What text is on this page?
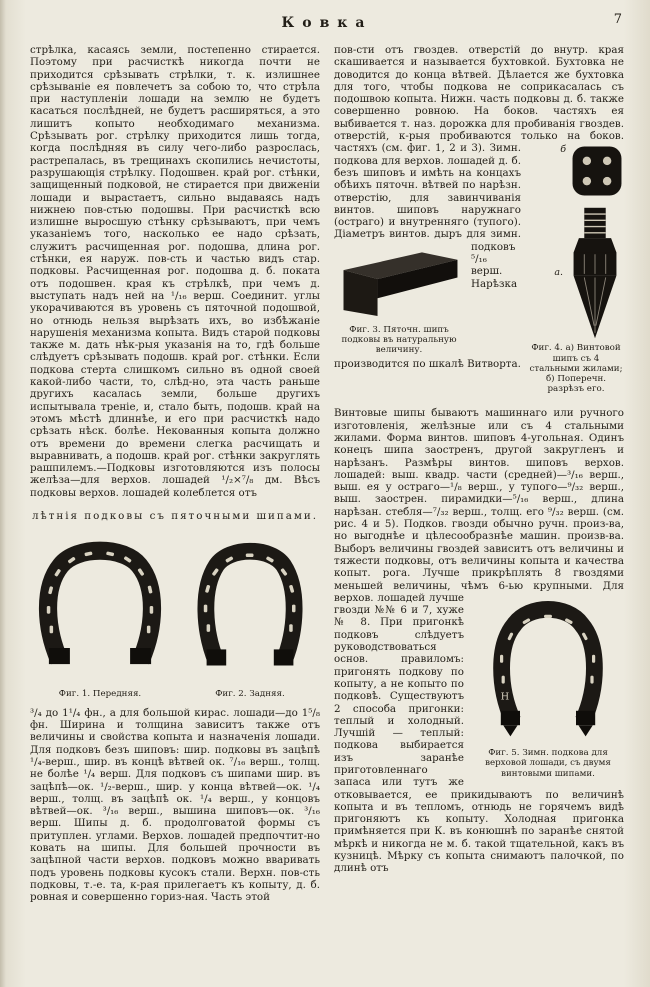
Ковка	7

стрѣлка, касаясь земли, постепенно стирается. Поэтому при расчисткѣ никогда почти не приходится срѣзывать стрѣлки, т. к. излишнее срѣзываніе ея повлечетъ за собою то, что стрѣла при наступленіи лошади на землю не будетъ касаться послѣдней, не будетъ расширяться, а это лишитъ копыто необходимаго механизма. Срѣзывать рог. стрѣлку приходится лишь тогда, когда послѣдняя въ силу чего-либо разрослась, растрепалась, въ трещинахъ скопились нечистоты, разрушающія стрѣлку. Подошвен. край рог. стѣнки, защищенный подковой, не стирается при движеніи лошади и вырастаетъ, сильно выдаваясь надъ нижнею пов-стью подошвы. При расчисткѣ всю излишне выросшую стѣнку срѣзываютъ, при чемъ указаніемъ того, насколько ее надо срѣзать, служитъ расчищенная рог. подошва, длина рог. стѣнки, ея наруж. пов-сть и частью видъ стар. подковы. Расчищенная рог. подошва д. б. поката отъ подошвен. края къ стрѣлкѣ, при чемъ д. выступать надъ ней на ¹/₁₆ верш. Соединит. углы укорачиваются въ уровень съ пяточной подошвой, но отнюдь нельзя вырѣзать ихъ, во избѣжаніе нарушенія механизма копыта. Видъ старой подковы также м. дать нѣк-рыя указанія на то, гдѣ больше слѣдуетъ срѣзывать подошв. край рог. стѣнки. Если подкова стерта слишкомъ сильно въ одной своей какой-либо части, то, слѣд-но, эта часть раньше другихъ касалась земли, больше другихъ испытывала треніе, и, стало быть, подошв. край на этомъ мѣстѣ длиннѣе, и его при расчисткѣ надо срѣзать нѣск. болѣе. Некованныя копыта должно отъ времени до времени слегка расчищать и выравнивать, а подошв. край рог. стѣнки закруглять рашпилемъ.—Подковы изготовляются изъ полосы желѣза—для верхов. лошадей ¹/₂×⁷/₈ дм. Вѣсъ подковы верхов. лошадей колеблется отъ

лѣтнія подковы съ пяточными шипами.
Фиг. 1. Передняя.	Фиг. 2. Задняя.

³/₄ до 1¹/₄ фн., а для большой кирас. лошади—до 1⁵/₈ фн. Ширина и толщина зависитъ также отъ величины и свойства копыта и назначенія лошади. Для подковъ безъ шиповъ: шир. подковы въ зацѣпѣ ¹/₄-верш., шир. въ концѣ вѣтвей ок. ⁷/₁₆ верш., толщ. не болѣе ¹/₄ верш. Для подковъ съ шипами шир. въ зацѣпѣ—ок. ¹/₂-верш., шир. у конца вѣтвей—ок. ¹/₄ верш., толщ. въ зацѣпѣ ок. ¹/₄ верш., у концовъ вѣтвей—ок. ³/₁₆ верш., вышина шиповъ—ок. ³/₁₆ верш. Шипы д. б. продолговатой формы съ притуплен. углами. Верхов. лошадей предпочтит-но ковать на шипы. Для большей прочности въ зацѣпной части верхов. подковъ можно вваривать подъ уровень подковы кусокъ стали. Верхн. пов-сть подковы, т.-е. та, к-рая прилегаетъ къ копыту, д. б. ровная и совершенно гориз-ная. Часть этой

пов-сти отъ гвоздев. отверстій до внутр. края скашивается и называется бухтовкой. Бухтовка не доводится до конца вѣтвей. Дѣлается же бухтовка для того, чтобы подкова не соприкасалась съ подошвою копыта. Нижн. часть подковы д. б. также совершенно ровною. На боков. частяхъ ея выбивается т. наз. дорожка для пробиванія гвоздев. отверстій, к-рыя пробиваются только на боков. частяхъ (см. фиг. 1, 2 и 3). Зимн.	б
а.
Фиг. 4. а) Винтовой шипъ съ 4 стальными жилами; б) Поперечн. разрѣзъ его.
подкова для верхов. лошадей д. б. безъ шиповъ и имѣть на концахъ обѣихъ пяточн. вѣтвей по нарѣзн. отверстію, для завинчиванія винтов. шиповъ наружнаго (остраго) и внутренняго (тупого). Діаметръ винтов.
Фиг. 3. Пяточн. шипъ подковы въ натуральную величину.
дыръ для зимн. подковъ ⁵/₁₆ верш. Нарѣзка производится по шкалѣ Витворта.
Винтовые шипы бываютъ машиннаго или ручного изготовленія, желѣзные или съ 4 стальными жилами. Форма винтов. шиповъ 4-угольная. Одинъ конецъ шипа заостренъ, другой закругленъ и нарѣзанъ. Размѣры винтов. шиповъ верхов. лошадей: выш. квадр. части (средней)—³/₁₆ верш., выш. ея у остраго—¹/₈ верш., у тупого—⁹/₃₂ верш., выш. заострен. пирамидки—⁵/₁₆ верш., длина нарѣзан. стебля—⁷/₃₂ верш., толщ. его ⁹/₃₂ верш. (см. рис. 4 и 5). Подков. гвозди обычно ручн. произ-ва, но выгоднѣе и цѣлесообразнѣе машин. произв-ва. Выборъ величины гвоздей зависитъ отъ величины и тяжести подковы, отъ величины копыта и качества копыт. рога. Лучше прикрѣплять 8 гвоздями меньшей величины, чѣмъ 6-ью крупными. Для
H
Фиг. 5. Зимн. подкова для верховой лошади, съ двумя винтовыми шипами.
верхов. лошадей лучше гвозди №№ 6 и 7, хуже № 8. При пригонкѣ подковъ слѣдуетъ руководствоваться основ. правиломъ: пригонять подкову по копыту, а не копыто по подковѣ. Существуютъ 2 способа пригонки: теплый и холодный. Лучшій — теплый: подкова выбирается изъ заранѣе приготовленнаго запаса или тутъ же отковывается, ее прикидываютъ по величинѣ копыта и въ тепломъ, отнюдь не горячемъ видѣ пригоняютъ къ копыту. Холодная пригонка примѣняется при К. въ конюшнѣ по заранѣе снятой мѣркѣ и никогда не м. б. такой тщательной, какъ въ кузницѣ. Мѣрку съ копыта снимаютъ палочкой, по длинѣ отъ
